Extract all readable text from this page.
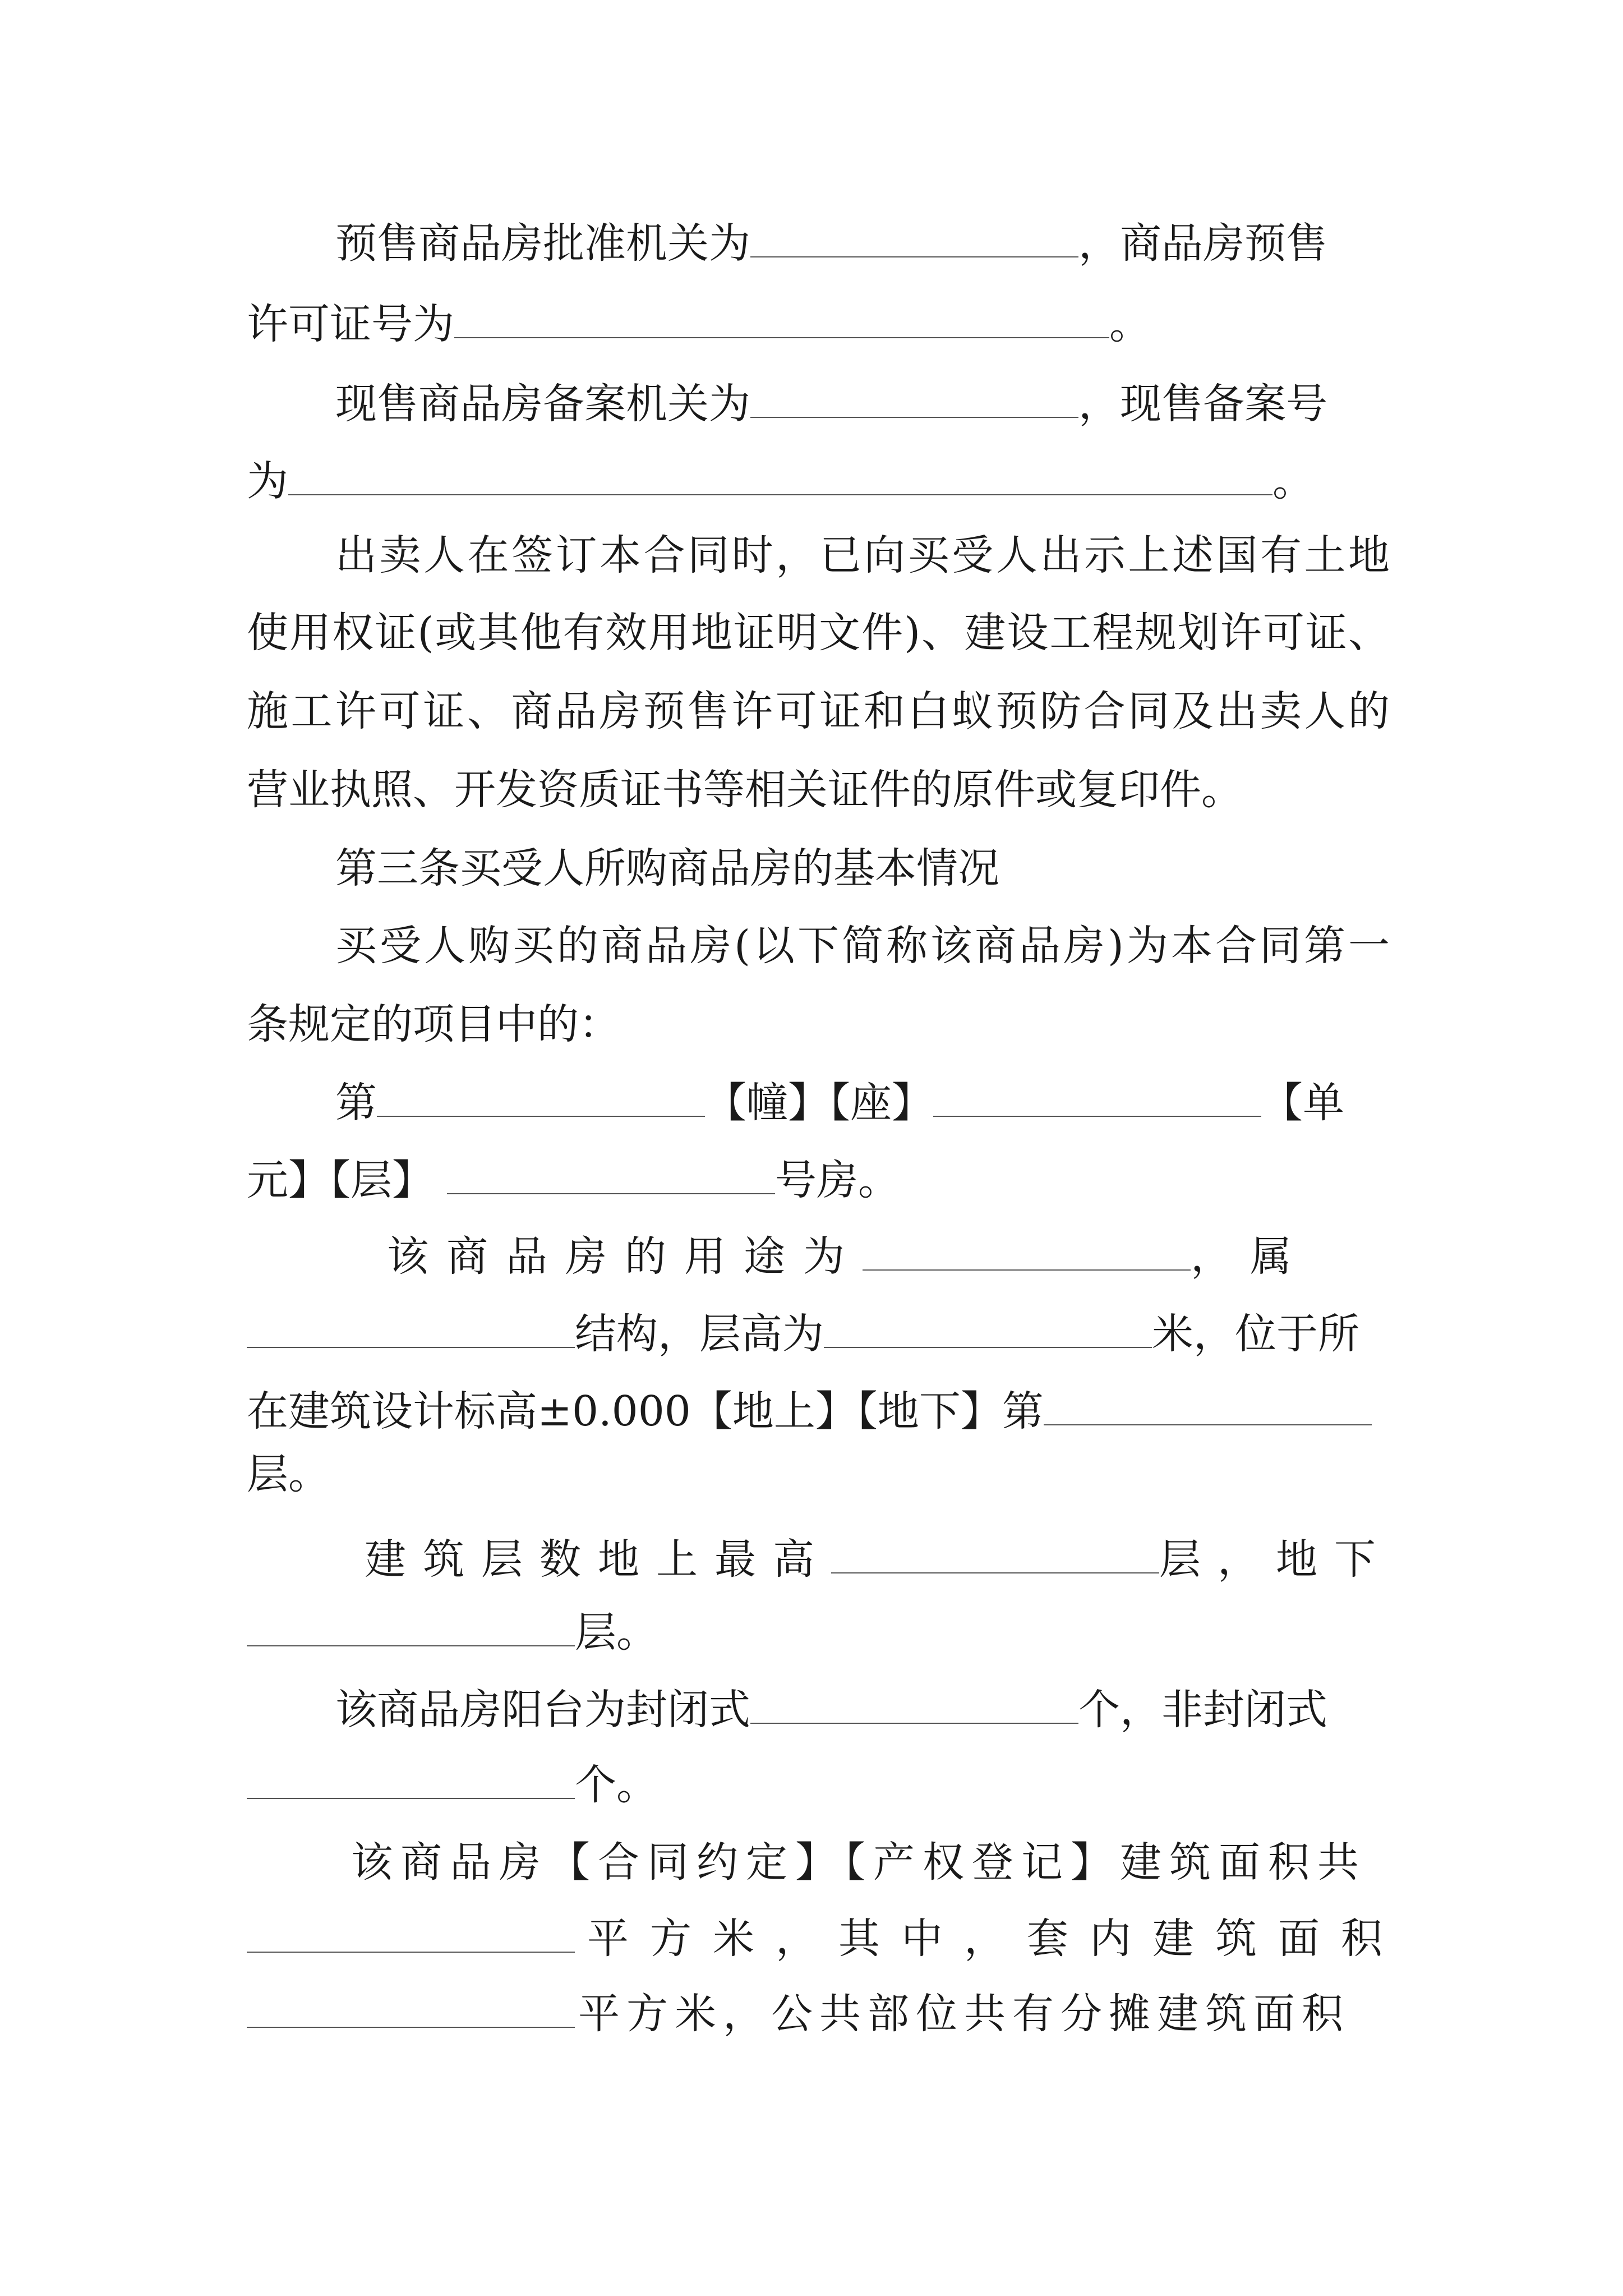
预售商品房批准机关为	，商品房预售
许可证号为	。
现售商品房备案机关为	，现售备案号
为	。
出卖人在签订本合同时，已向买受人出示上述国有土地
使用权证(或其他有效用地证明文件)、建设工程规划许可证、
施工许可证、商品房预售许可证和白蚁预防合同及出卖人的
营业执照、开发资质证书等相关证件的原件或复印件。
第三条买受人所购商品房的基本情况
买受人购买的商品房(以下简称该商品房)为本合同第一
条规定的项目中的：
第	【幢】【座】	【单
元】【层】	号房。
该商品房的用途为	，属
结构，层高为	米，位于所
在建筑设计标高±0.000【地上】【地下】第
层。
建筑层数地上最高	层，地下
层。
该商品房阳台为封闭式	个，非封闭式
个。
该商品房【合同约定】【产权登记】建筑面积共
平方米，其中，套内建筑面积
平方米，公共部位共有分摊建筑面积
